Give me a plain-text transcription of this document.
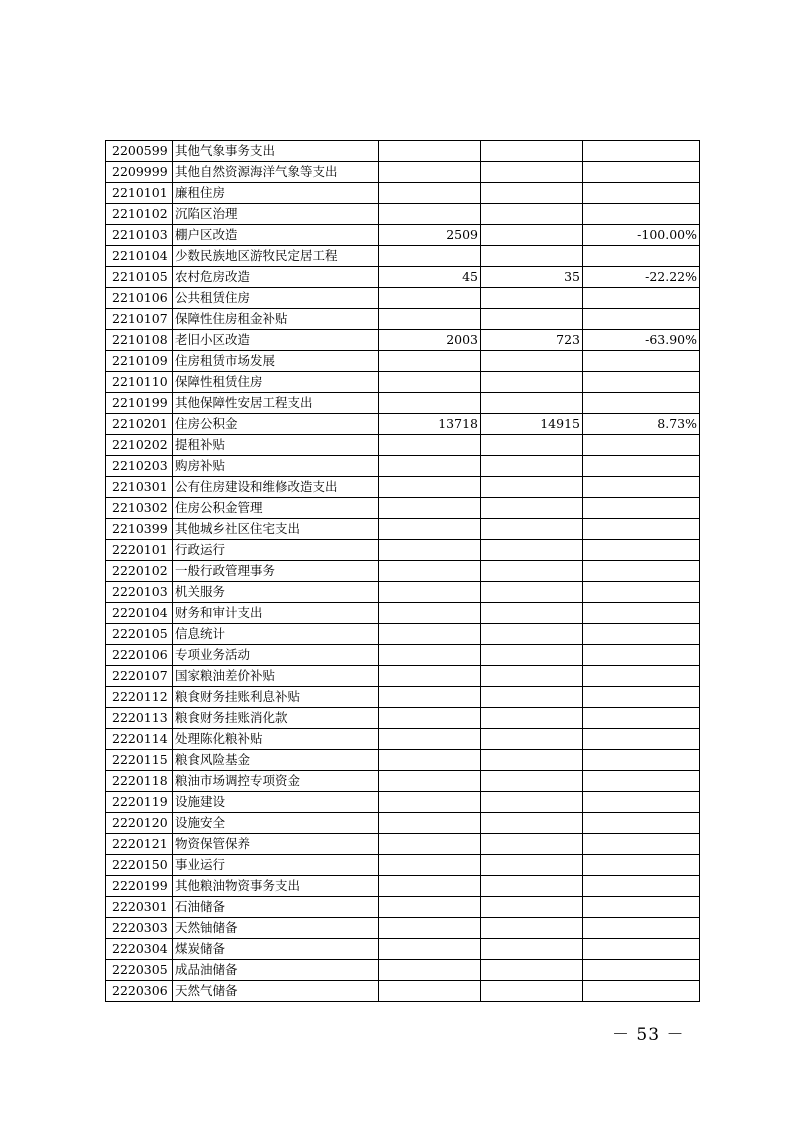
2200599	其他气象事务支出			
2209999	其他自然资源海洋气象等支出			
2210101	廉租住房			
2210102	沉陷区治理			
2210103	棚户区改造	2509		-100.00%
2210104	少数民族地区游牧民定居工程			
2210105	农村危房改造	45	35	-22.22%
2210106	公共租赁住房			
2210107	保障性住房租金补贴			
2210108	老旧小区改造	2003	723	-63.90%
2210109	住房租赁市场发展			
2210110	保障性租赁住房			
2210199	其他保障性安居工程支出			
2210201	住房公积金	13718	14915	8.73%
2210202	提租补贴			
2210203	购房补贴			
2210301	公有住房建设和维修改造支出			
2210302	住房公积金管理			
2210399	其他城乡社区住宅支出			
2220101	行政运行			
2220102	一般行政管理事务			
2220103	机关服务			
2220104	财务和审计支出			
2220105	信息统计			
2220106	专项业务活动			
2220107	国家粮油差价补贴			
2220112	粮食财务挂账利息补贴			
2220113	粮食财务挂账消化款			
2220114	处理陈化粮补贴			
2220115	粮食风险基金			
2220118	粮油市场调控专项资金			
2220119	设施建设			
2220120	设施安全			
2220121	物资保管保养			
2220150	事业运行			
2220199	其他粮油物资事务支出			
2220301	石油储备			
2220303	天然铀储备			
2220304	煤炭储备			
2220305	成品油储备			
2220306	天然气储备			
－ 53 －
